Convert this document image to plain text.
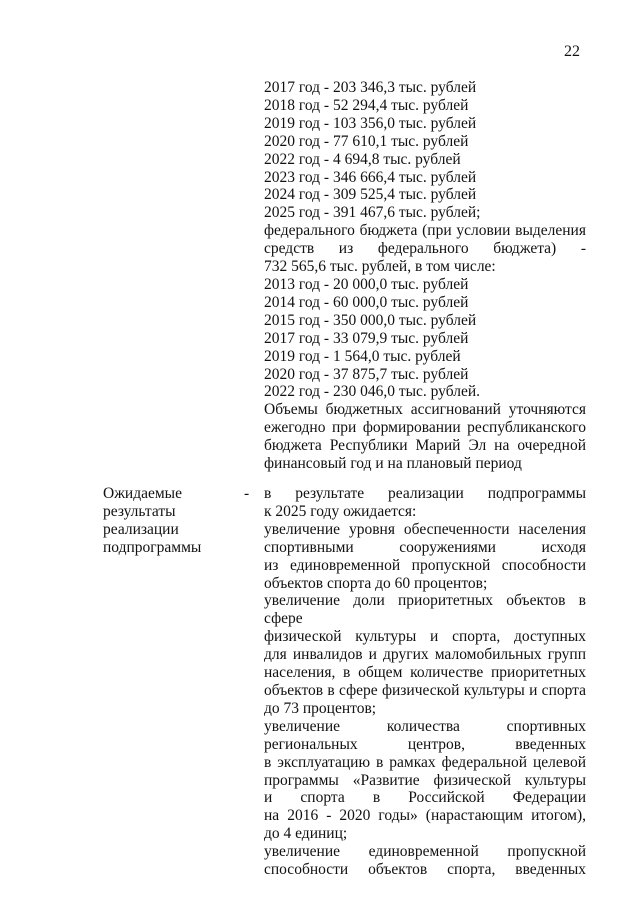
22
2017 год - 203 346,3 тыс. рублей
2018 год - 52 294,4 тыс. рублей
2019 год - 103 356,0 тыс. рублей
2020 год - 77 610,1 тыс. рублей
2022 год - 4 694,8 тыс. рублей
2023 год - 346 666,4 тыс. рублей
2024 год - 309 525,4 тыс. рублей
2025 год - 391 467,6 тыс. рублей;
федерального бюджета (при условии выделения
средств из федерального бюджета) -
732 565,6 тыс. рублей, в том числе:
2013 год - 20 000,0 тыс. рублей
2014 год - 60 000,0 тыс. рублей
2015 год - 350 000,0 тыс. рублей
2017 год - 33 079,9 тыс. рублей
2019 год - 1 564,0 тыс. рублей
2020 год - 37 875,7 тыс. рублей
2022 год - 230 046,0 тыс. рублей.
Объемы бюджетных ассигнований уточняются
ежегодно при формировании республиканского
бюджета Республики Марий Эл на очередной
финансовый год и на плановый период
Ожидаемые
результаты
реализации
подпрограммы
- в результате реализации подпрограммы
к 2025 году ожидается:
увеличение уровня обеспеченности населения
спортивными сооружениями исходя
из единовременной пропускной способности
объектов спорта до 60 процентов;
увеличение доли приоритетных объектов в сфере
физической культуры и спорта, доступных
для инвалидов и других маломобильных групп
населения, в общем количестве приоритетных
объектов в сфере физической культуры и спорта
до 73 процентов;
увеличение количества спортивных
региональных центров, введенных
в эксплуатацию в рамках федеральной целевой
программы «Развитие физической культуры
и спорта в Российской Федерации
на 2016 - 2020 годы» (нарастающим итогом),
до 4 единиц;
увеличение единовременной пропускной
способности объектов спорта, введенных
